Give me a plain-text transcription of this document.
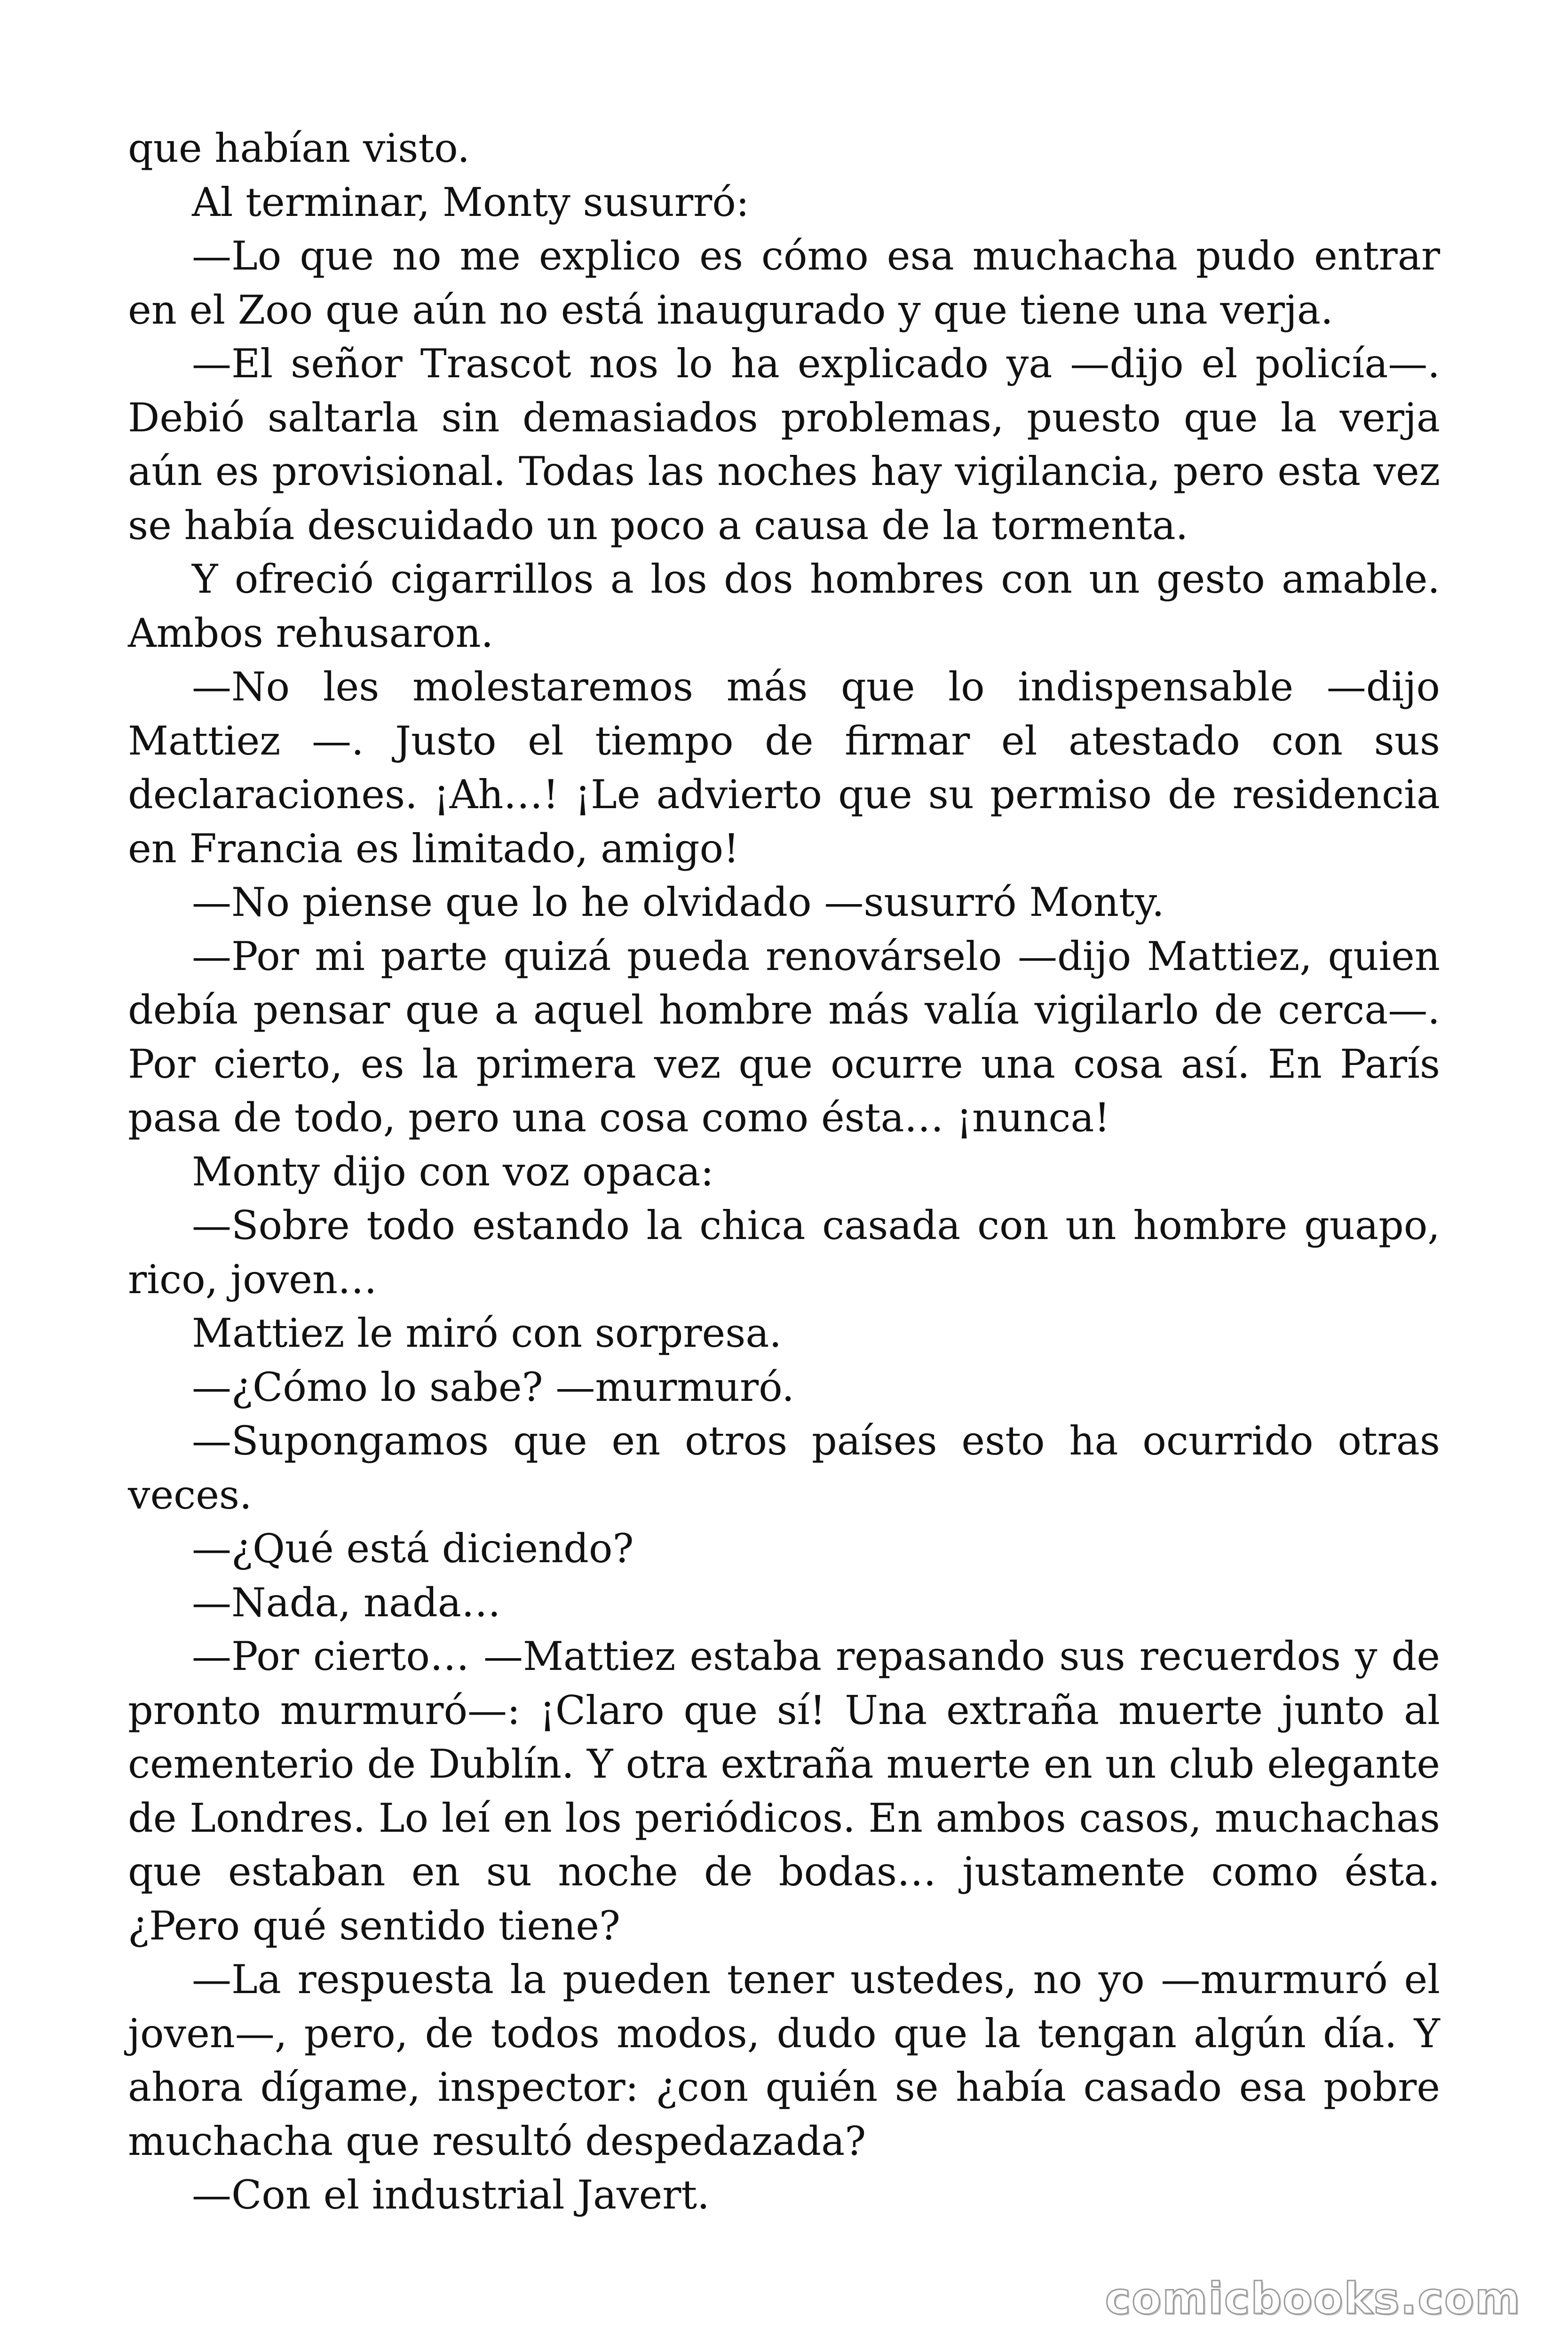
que habían visto.

Al terminar, Monty susurró:

—Lo que no me explico es cómo esa muchacha pudo entrar en el Zoo que aún no está inaugurado y que tiene una verja.

—El señor Trascot nos lo ha explicado ya —dijo el policía—. Debió saltarla sin demasiados problemas, puesto que la verja aún es provisional. Todas las noches hay vigilancia, pero esta vez se había descuidado un poco a causa de la tormenta.

Y ofreció cigarrillos a los dos hombres con un gesto amable. Ambos rehusaron.

—No les molestaremos más que lo indispensable —dijo Mattiez —. Justo el tiempo de firmar el atestado con sus declaraciones. ¡Ah…! ¡Le advierto que su permiso de residencia en Francia es limitado, amigo!

—No piense que lo he olvidado —susurró Monty.

—Por mi parte quizá pueda renovárselo —dijo Mattiez, quien debía pensar que a aquel hombre más valía vigilarlo de cerca—. Por cierto, es la primera vez que ocurre una cosa así. En París pasa de todo, pero una cosa como ésta… ¡nunca!

Monty dijo con voz opaca:

—Sobre todo estando la chica casada con un hombre guapo, rico, joven…

Mattiez le miró con sorpresa.

—¿Cómo lo sabe? —murmuró.

—Supongamos que en otros países esto ha ocurrido otras veces.

—¿Qué está diciendo?

—Nada, nada…

—Por cierto… —Mattiez estaba repasando sus recuerdos y de pronto murmuró—: ¡Claro que sí! Una extraña muerte junto al cementerio de Dublín. Y otra extraña muerte en un club elegante de Londres. Lo leí en los periódicos. En ambos casos, muchachas que estaban en su noche de bodas… justamente como ésta. ¿Pero qué sentido tiene?

—La respuesta la pueden tener ustedes, no yo —murmuró el joven—, pero, de todos modos, dudo que la tengan algún día. Y ahora dígame, inspector: ¿con quién se había casado esa pobre muchacha que resultó despedazada?

—Con el industrial Javert.

comicbooks.com
